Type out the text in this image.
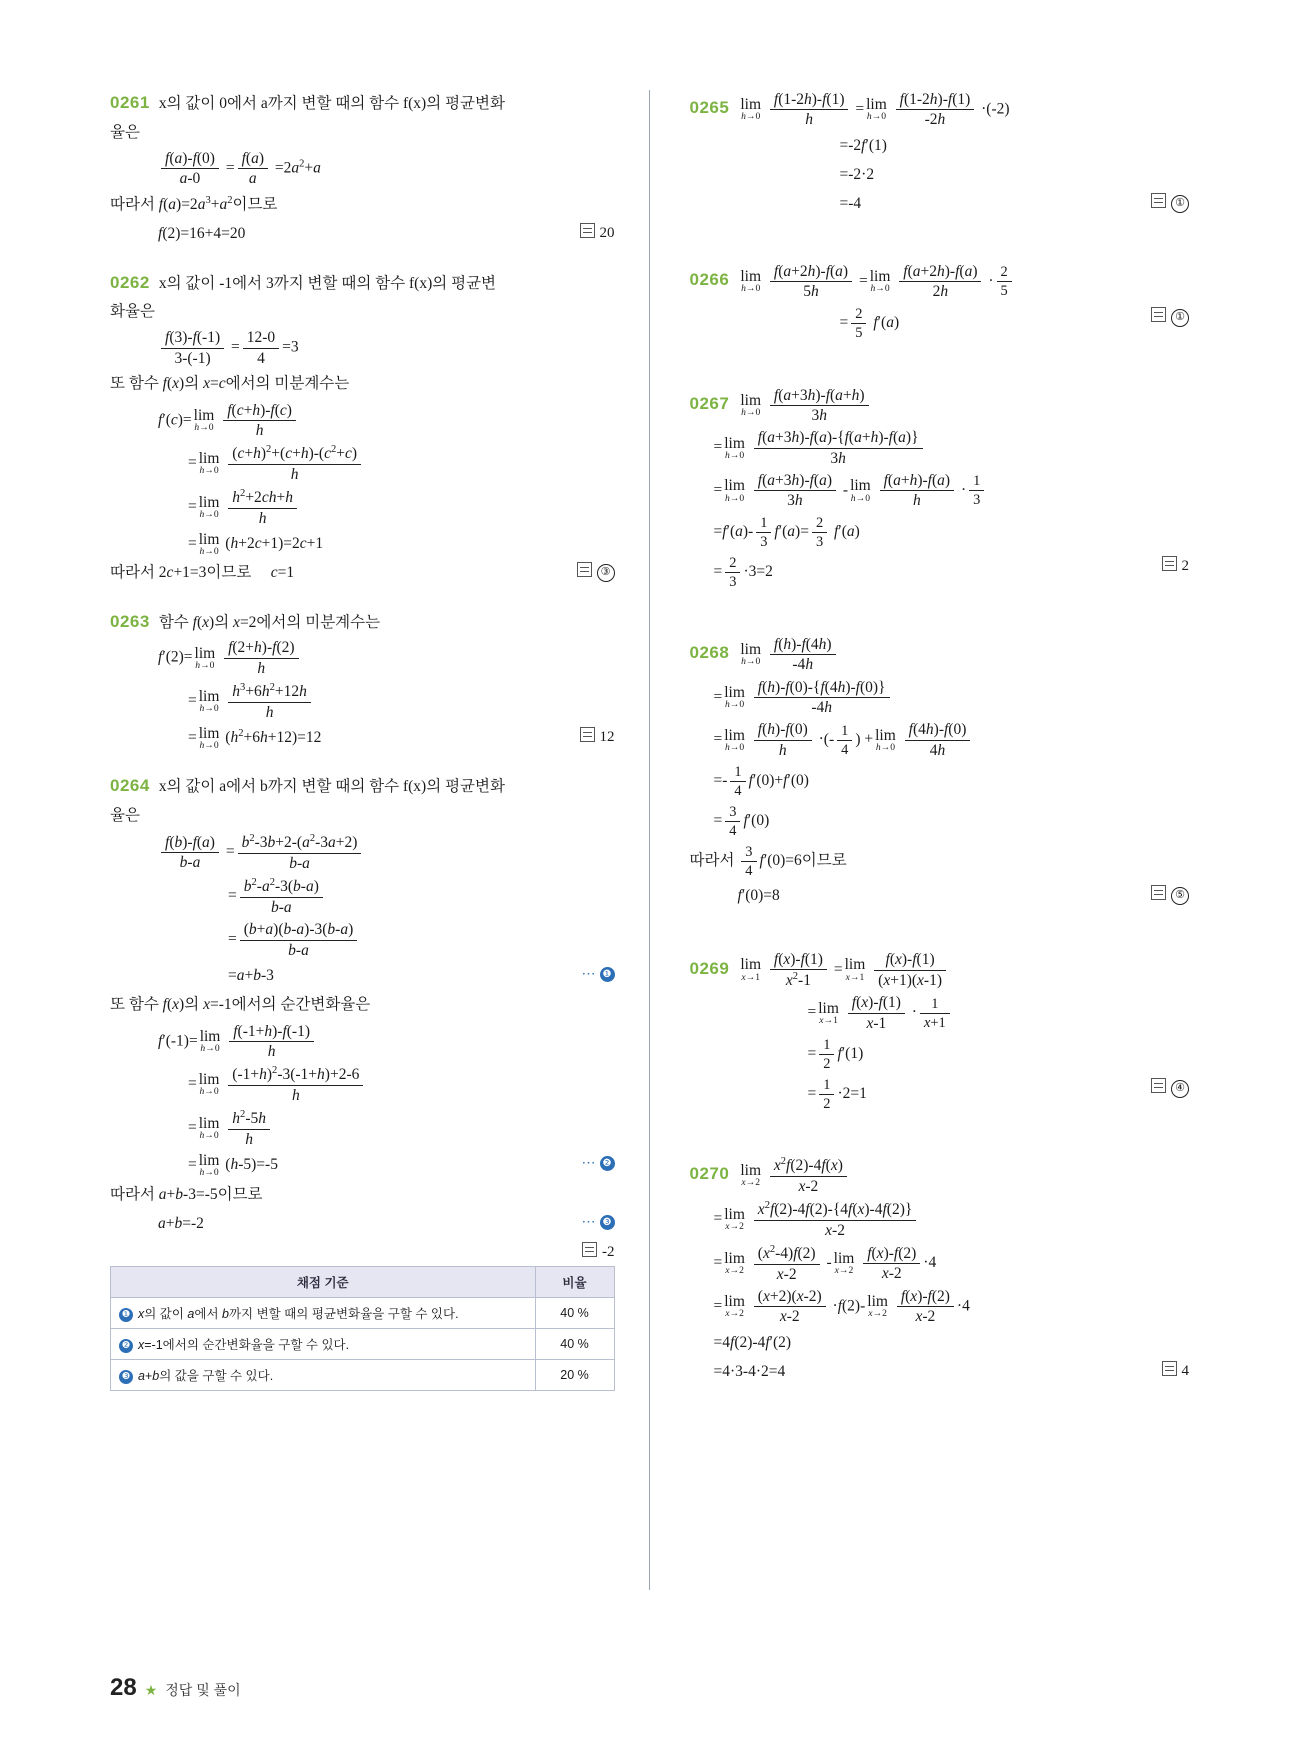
0261 x의 값이 0에서 a까지 변할 때의 함수 f(x)의 평균변화
율은
$\frac{f(a)-f(0)}{a-0} = \frac{f(a)}{a} =2a^2+a$
따라서 $f(a)=2a^3+a^2$이므로
f(2)=16+4=20	20
0262 x의 값이 -1에서 3까지 변할 때의 함수 f(x)의 평균변
화율은
$\frac{f(3)-f(-1)}{3-(-1)} = \frac{12-0}{4} =3$
또 함수 f(x)의 x=c에서의 미분계수는
f′(c)= lim
h→0
$\frac{f(c+h)-f(c)}{h}$
= lim
h→0
$\frac{(c+h)^2+(c+h)-(c^2+c)}{h}$
= lim
h→0
$\frac{h^2+2ch+h}{h}$
= lim
h→0 (h+2c+1)=2c+1
따라서 2c+1=3이므로     c=1	③
0263 함수 f(x)의 x=2에서의 미분계수는
f′(2)= lim
h→0
$\frac{f(2+h)-f(2)}{h}$
= lim
h→0
$\frac{h^3+6h^2+12h}{h}$
= lim
h→0 $(h^2+6h+12)=12$	12
0264 x의 값이 a에서 b까지 변할 때의 함수 f(x)의 평균변화
율은
$\frac{f(b)-f(a)}{b-a} = \frac{b^2-3b+2-(a^2-3a+2)}{b-a}$
= $\frac{b^2-a^2-3(b-a)}{b-a}$
= $\frac{(b+a)(b-a)-3(b-a)}{b-a}$
=a+b-3	⋯ ❶
또 함수 f(x)의 x=-1에서의 순간변화율은
f′(-1)= lim
h→0
$\frac{f(-1+h)-f(-1)}{h}$
= lim
h→0
$\frac{(-1+h)^2-3(-1+h)+2-6}{h}$
= lim
h→0
$\frac{h^2-5h}{h}$
= lim
h→0 (h-5)=-5	⋯ ❷
따라서 a+b-3=-5이므로
a+b=-2	⋯ ❸
-2
채점 기준	비율
❶ x의 값이 a에서 b까지 변할 때의 평균변화율을 구할 수 있다.	40 %
❷ x=-1에서의 순간변화율을 구할 수 있다.	40 %
❸ a+b의 값을 구할 수 있다.	20 %
0265 lim
h→0
$\frac{f(1-2h)-f(1)}{h} = \lim$
h→0
$\frac{f(1-2h)-f(1)}{-2h} \cdot(-2)$
=-2f′(1)
=-2·2
=-4	①
0266 lim
h→0
$\frac{f(a+2h)-f(a)}{5h} = \lim$
h→0
$\frac{f(a+2h)-f(a)}{2h} \cdot \frac{2}{5}$
= $\frac{2}{5} f'(a)$	①
0267 lim
h→0
$\frac{f(a+3h)-f(a+h)}{3h}$
= lim
h→0
$\frac{f(a+3h)-f(a)-\{f(a+h)-f(a)\}}{3h}$
= lim
h→0
$\frac{f(a+3h)-f(a)}{3h}$ - lim
h→0
$\frac{f(a+h)-f(a)}{h} \cdot \frac{1}{3}$
$=f'(a)- \frac{1}{3} f'(a)= \frac{2}{3} f'(a)$
= $\frac{2}{3} \cdot 3=2$	2
0268 lim
h→0
$\frac{f(h)-f(4h)}{-4h}$
= lim
h→0
$\frac{f(h)-f(0)-\{f(4h)-f(0)\}}{-4h}$
= lim
h→0
$\frac{f(h)-f(0)}{h}$ ·(- $\frac{1}{4}$ ) + lim
h→0
$\frac{f(4h)-f(0)}{4h}$
=- $\frac{1}{4} f'(0)+f'(0)$
= $\frac{3}{4} f'(0)$
따라서 $\frac{3}{4} f'(0)=6$이므로
f′(0)=8	⑤
0269 lim
x→1
$\frac{f(x)-f(1)}{x^2-1} = \lim$
x→1
$\frac{f(x)-f(1)}{(x+1)(x-1)}$
= lim
x→1
$\frac{f(x)-f(1)}{x-1} \cdot \frac{1}{x+1}$
= $\frac{1}{2} f'(1)$
= $\frac{1}{2} \cdot 2=1$	④
0270 lim
x→2
$\frac{x^2f(2)-4f(x)}{x-2}$
= lim
x→2
$\frac{x^2f(2)-4f(2)-\{4f(x)-4f(2)\}}{x-2}$
= lim
x→2
$\frac{(x^2-4)f(2)}{x-2}$ - lim
x→2
$\frac{f(x)-f(2)}{x-2} \cdot 4$
= lim
x→2
$\frac{(x+2)(x-2)}{x-2} \cdot f(2)-$ lim
x→2
$\frac{f(x)-f(2)}{x-2} \cdot 4$
=4f(2)-4f′(2)
=4·3-4·2=4	4
28 ★ 정답 및 풀이
